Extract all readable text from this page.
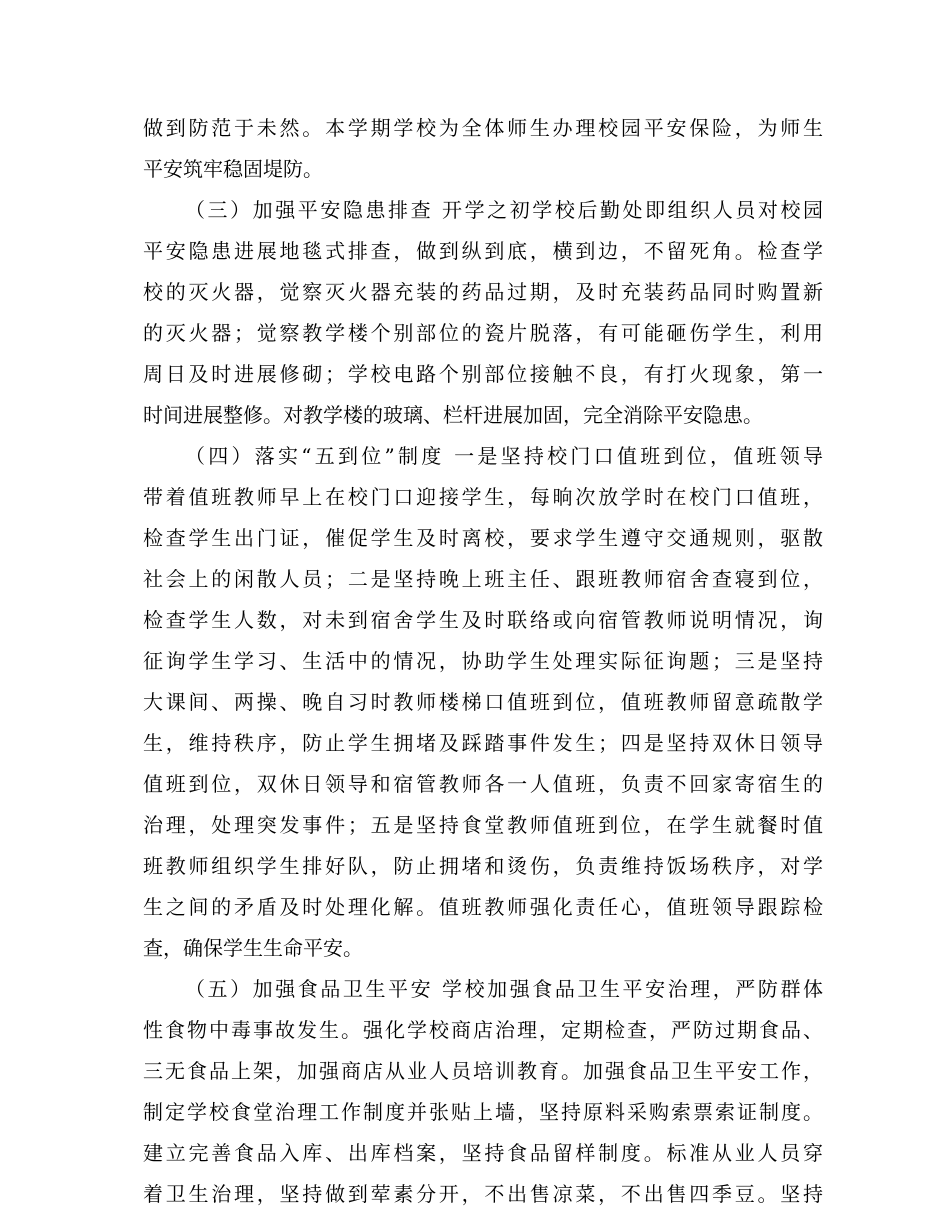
做到防范于未然。本学期学校为全体师生办理校园平安保险，为师生
平安筑牢稳固堤防。
（三）加强平安隐患排查 开学之初学校后勤处即组织人员对校园
平安隐患进展地毯式排查，做到纵到底，横到边，不留死角。检查学
校的灭火器，觉察灭火器充装的药品过期，及时充装药品同时购置新
的灭火器；觉察教学楼个别部位的瓷片脱落，有可能砸伤学生，利用
周日及时进展修砌；学校电路个别部位接触不良，有打火现象，第一
时间进展整修。对教学楼的玻璃、栏杆进展加固，完全消除平安隐患。
（四）落实“五到位”制度 一是坚持校门口值班到位，值班领导
带着值班教师早上在校门口迎接学生，每晌次放学时在校门口值班，
检查学生出门证，催促学生及时离校，要求学生遵守交通规则，驱散
社会上的闲散人员；二是坚持晚上班主任、跟班教师宿舍查寝到位，
检查学生人数，对未到宿舍学生及时联络或向宿管教师说明情况，询
征询学生学习、生活中的情况，协助学生处理实际征询题；三是坚持
大课间、两操、晚自习时教师楼梯口值班到位，值班教师留意疏散学
生，维持秩序，防止学生拥堵及踩踏事件发生；四是坚持双休日领导
值班到位，双休日领导和宿管教师各一人值班，负责不回家寄宿生的
治理，处理突发事件；五是坚持食堂教师值班到位，在学生就餐时值
班教师组织学生排好队，防止拥堵和烫伤，负责维持饭场秩序，对学
生之间的矛盾及时处理化解。值班教师强化责任心，值班领导跟踪检
查，确保学生生命平安。
（五）加强食品卫生平安 学校加强食品卫生平安治理，严防群体
性食物中毒事故发生。强化学校商店治理，定期检查，严防过期食品、
三无食品上架，加强商店从业人员培训教育。加强食品卫生平安工作，
制定学校食堂治理工作制度并张贴上墙，坚持原料采购索票索证制度。
建立完善食品入库、出库档案，坚持食品留样制度。标准从业人员穿
着卫生治理，坚持做到荤素分开，不出售凉菜，不出售四季豆。坚持
